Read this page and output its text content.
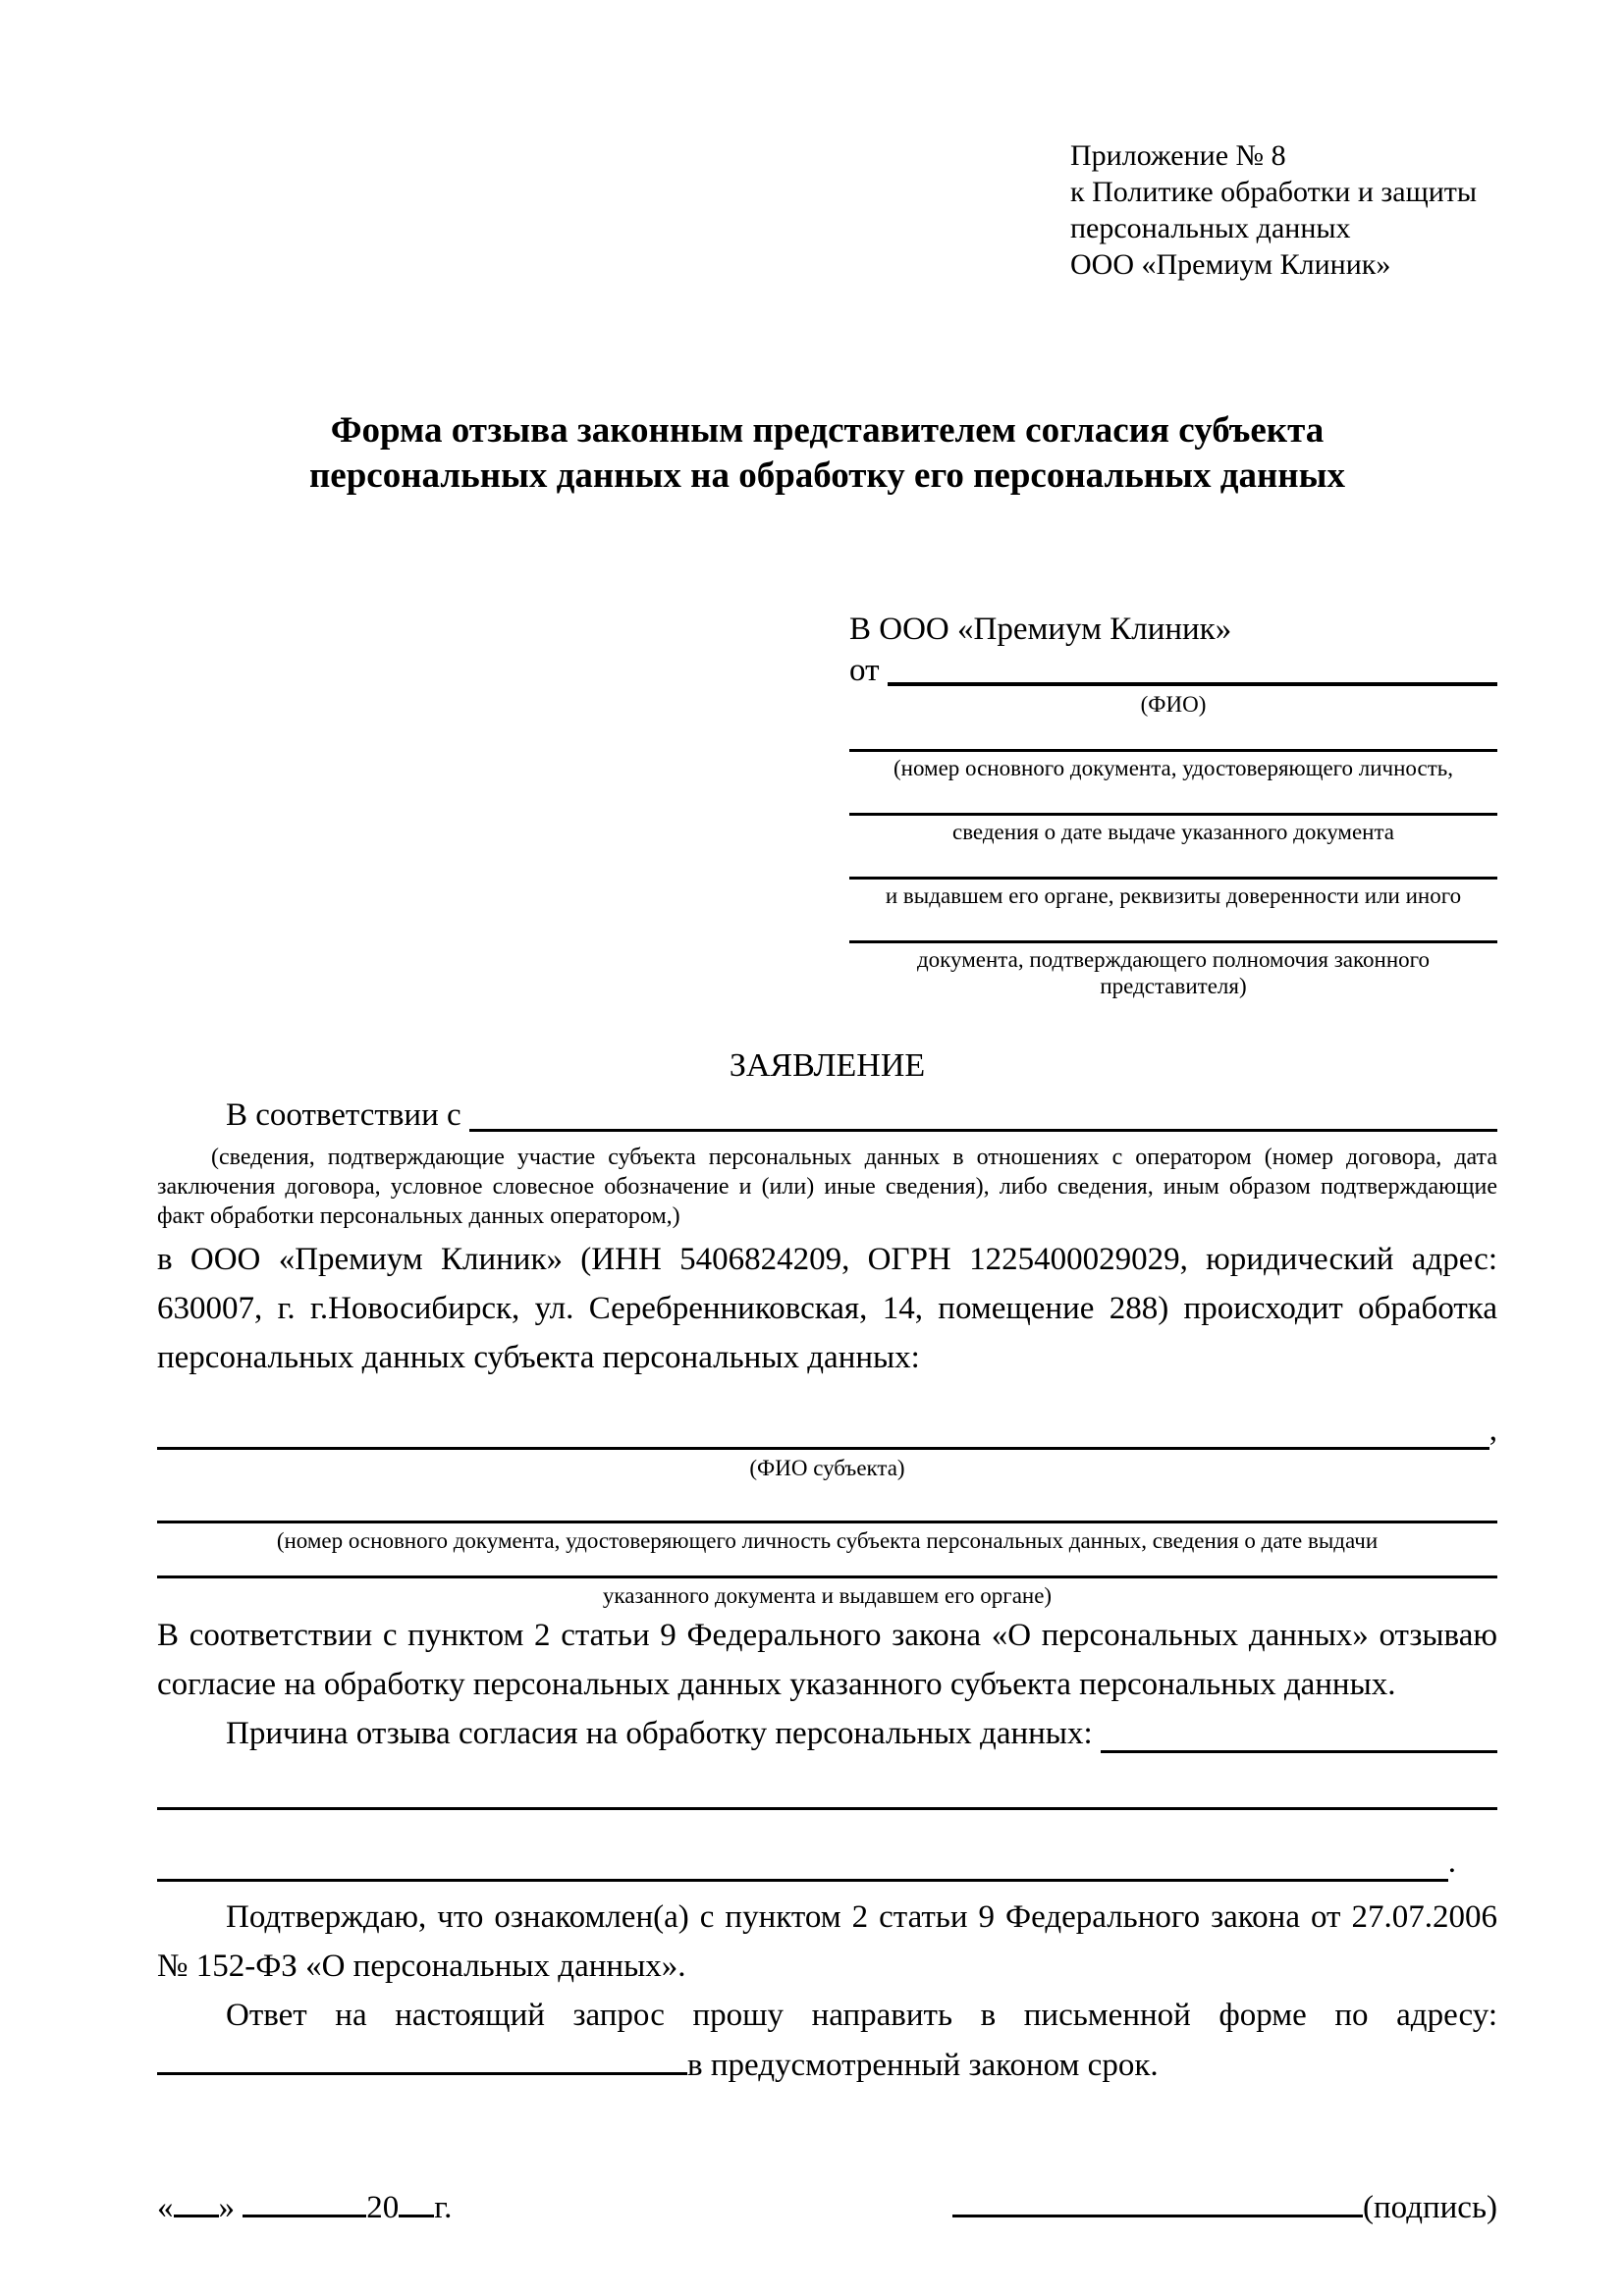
Приложение № 8
к Политике обработки и защиты
персональных данных
ООО «Премиум Клиник»
Форма отзыва законным представителем согласия субъекта
персональных данных на обработку его персональных данных
В ООО «Премиум Клиник»
от

(ФИО)
(номер основного документа, удостоверяющего личность,
сведения о дате выдаче указанного документа
и выдавшем его органе, реквизиты доверенности или иного
документа, подтверждающего полномочия законного представителя)
ЗАЯВЛЕНИЕ
В соответствии с

(сведения, подтверждающие участие субъекта персональных данных в отношениях с оператором (номер договора, дата заключения договора, условное словесное обозначение и (или) иные сведения), либо сведения, иным образом подтверждающие факт обработки персональных данных оператором,)
в ООО «Премиум Клиник» (ИНН 5406824209, ОГРН 1225400029029, юридический адрес: 630007, г. г.Новосибирск, ул. Серебренниковская, 14, помещение 288) происходит обработка персональных данных субъекта персональных данных:
,
(ФИО субъекта)
(номер основного документа, удостоверяющего личность субъекта персональных данных, сведения о дате выдачи
указанного документа и выдавшем его органе)
В соответствии с пунктом 2 статьи 9 Федерального закона «О персональных данных» отзываю согласие на обработку персональных данных указанного субъекта персональных данных.
Причина отзыва согласия на обработку персональных данных:

.
Подтверждаю, что ознакомлен(а) с пунктом 2 статьи 9 Федерального закона от 27.07.2006 № 152-ФЗ «О персональных данных».
Ответ на настоящий запрос прошу направить в письменной форме по адресу:
в предусмотренный законом срок.
« »	20 г.	(подпись)
